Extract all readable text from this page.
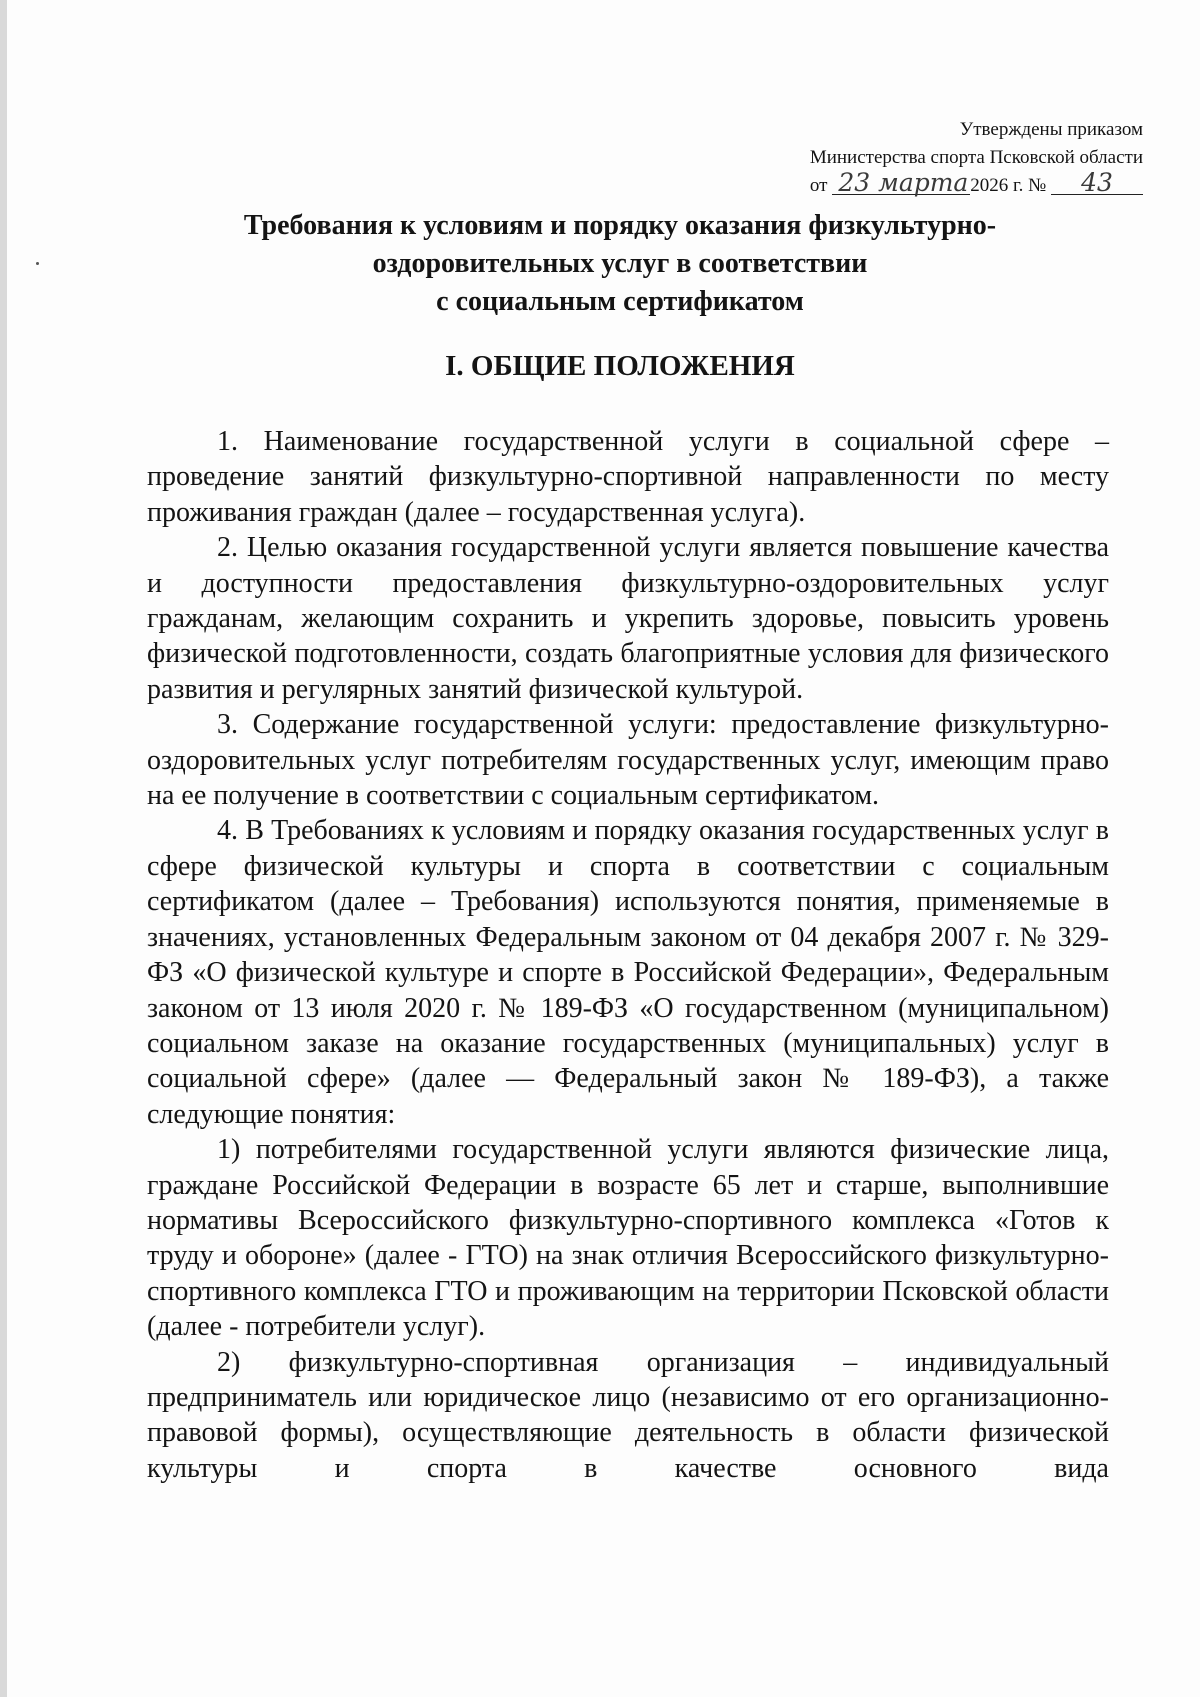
Утверждены приказом
Министерства спорта Псковской области
от 23 марта2026 г. № 43
Требования к условиям и порядку оказания физкультурно-
оздоровительных услуг в соответствии
с социальным сертификатом
I. ОБЩИЕ ПОЛОЖЕНИЯ

1. Наименование государственной услуги в социальной сфере – проведение занятий физкультурно-спортивной направленности по месту проживания граждан (далее – государственная услуга).

2. Целью оказания государственной услуги является повышение качества и доступности предоставления физкультурно-оздоровительных услуг гражданам, желающим сохранить и укрепить здоровье, повысить уровень физической подготовленности, создать благоприятные условия для физического развития и регулярных занятий физической культурой.

3. Содержание государственной услуги: предоставление физкультурно-оздоровительных услуг потребителям государственных услуг, имеющим право на ее получение в соответствии с социальным сертификатом.

4. В Требованиях к условиям и порядку оказания государственных услуг в сфере физической культуры и спорта в соответствии с социальным сертификатом (далее – Требования) используются понятия, применяемые в значениях, установленных Федеральным законом от 04 декабря 2007 г. № 329-ФЗ «О физической культуре и спорте в Российской Федерации», Федеральным законом от 13 июля 2020 г. № 189-ФЗ «О государственном (муниципальном) социальном заказе на оказание государственных (муниципальных) услуг в социальной сфере» (далее — Федеральный закон № 189-ФЗ), а также следующие понятия:

1) потребителями государственной услуги являются физические лица, граждане Российской Федерации в возрасте 65 лет и старше, выполнившие нормативы Всероссийского физкультурно-спортивного комплекса «Готов к труду и обороне» (далее - ГТО) на знак отличия Всероссийского физкультурно-спортивного комплекса ГТО и проживающим на территории Псковской области (далее - потребители услуг).

2) физкультурно-спортивная организация – индивидуальный предприниматель или юридическое лицо (независимо от его организационно-правовой формы), осуществляющие деятельность в области физической культуры и спорта в качестве основного вида
